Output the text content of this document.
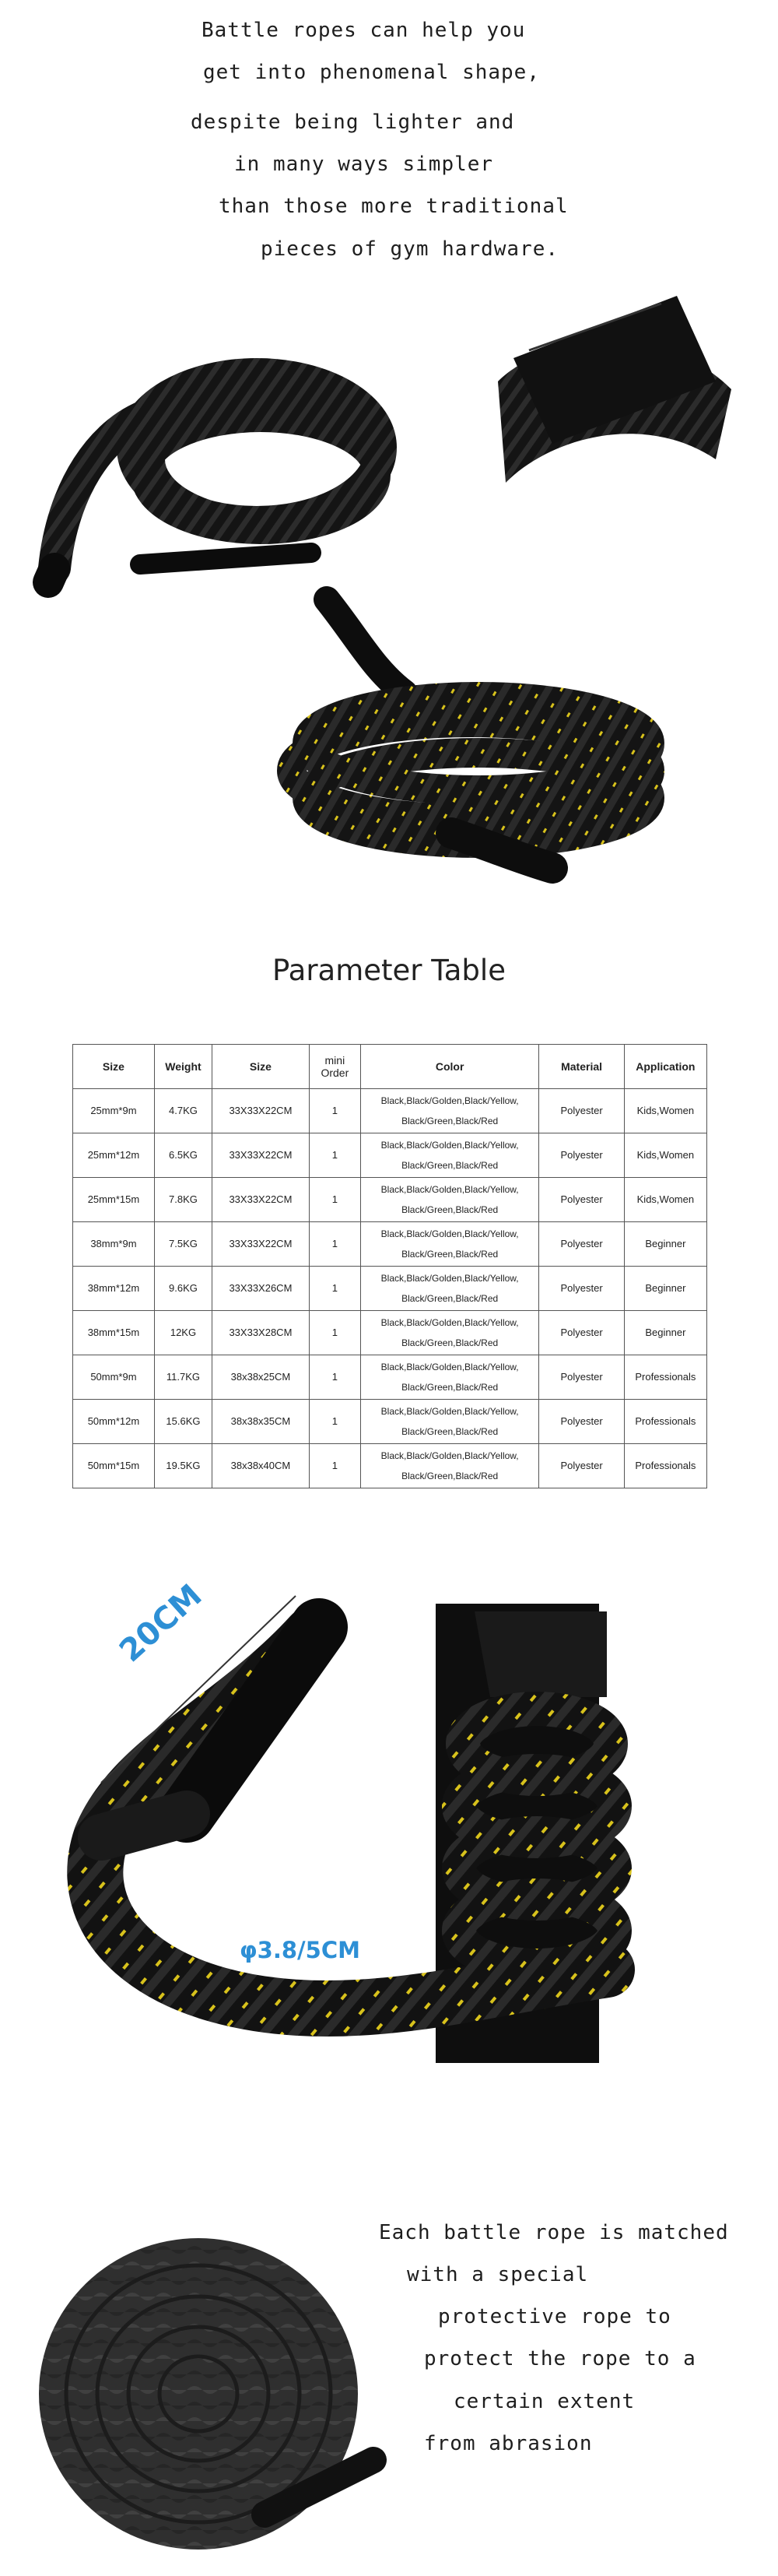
Battle ropes can help you
get into phenomenal shape,
despite being lighter and
in many ways simpler
than those more traditional
pieces of gym hardware.
Parameter Table
Size	Weight	Size	mini Order	Color	Material	Application
25mm*9m	4.7KG	33X33X22CM	1	Black,Black/Golden,Black/Yellow, Black/Green,Black/Red	Polyester	Kids,Women
25mm*12m	6.5KG	33X33X22CM	1	Black,Black/Golden,Black/Yellow, Black/Green,Black/Red	Polyester	Kids,Women
25mm*15m	7.8KG	33X33X22CM	1	Black,Black/Golden,Black/Yellow, Black/Green,Black/Red	Polyester	Kids,Women
38mm*9m	7.5KG	33X33X22CM	1	Black,Black/Golden,Black/Yellow, Black/Green,Black/Red	Polyester	Beginner
38mm*12m	9.6KG	33X33X26CM	1	Black,Black/Golden,Black/Yellow, Black/Green,Black/Red	Polyester	Beginner
38mm*15m	12KG	33X33X28CM	1	Black,Black/Golden,Black/Yellow, Black/Green,Black/Red	Polyester	Beginner
50mm*9m	11.7KG	38x38x25CM	1	Black,Black/Golden,Black/Yellow, Black/Green,Black/Red	Polyester	Professionals
50mm*12m	15.6KG	38x38x35CM	1	Black,Black/Golden,Black/Yellow, Black/Green,Black/Red	Polyester	Professionals
50mm*15m	19.5KG	38x38x40CM	1	Black,Black/Golden,Black/Yellow, Black/Green,Black/Red	Polyester	Professionals
20CM
φ3.8/5CM
Each battle rope is matched
with a special
protective rope to
protect the rope to a
certain extent
from abrasion
